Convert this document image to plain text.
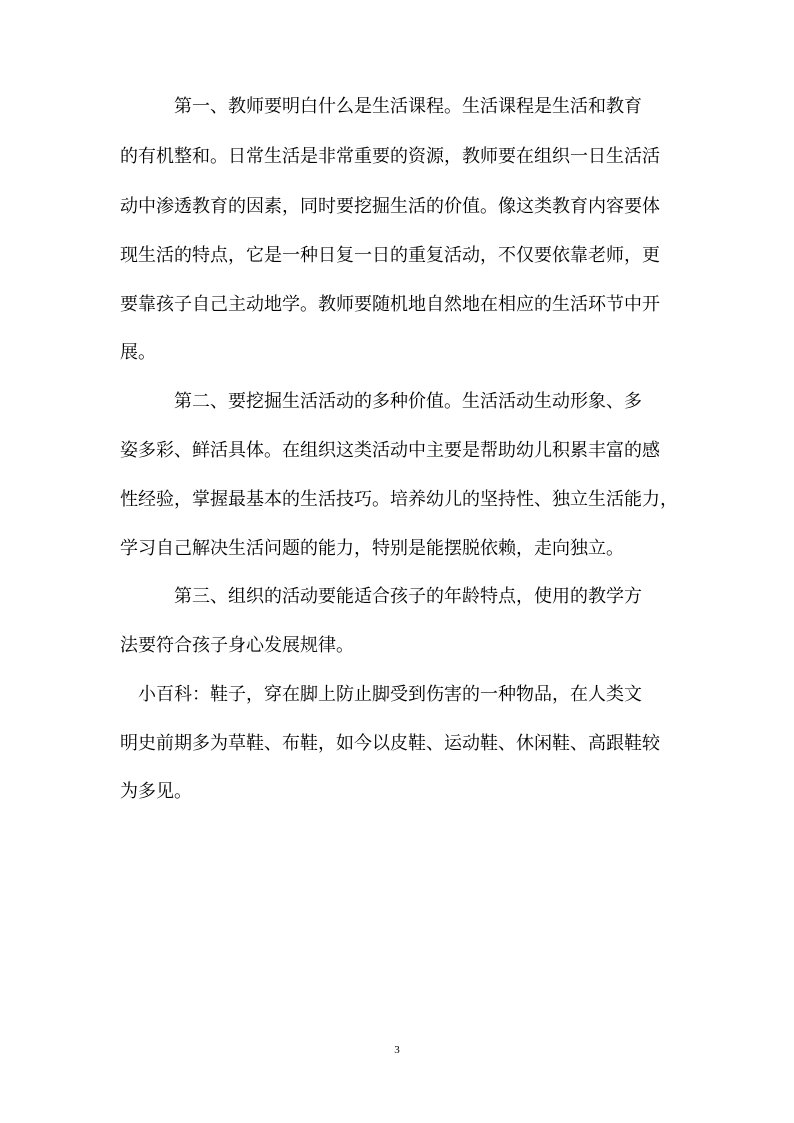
　　　第一、教师要明白什么是生活课程。生活课程是生活和教育
的有机整和。日常生活是非常重要的资源，教师要在组织一日生活活
动中渗透教育的因素，同时要挖掘生活的价值。像这类教育内容要体
现生活的特点，它是一种日复一日的重复活动，不仅要依靠老师，更
要靠孩子自己主动地学。教师要随机地自然地在相应的生活环节中开
展。
　　　第二、要挖掘生活活动的多种价值。生活活动生动形象、多
姿多彩、鲜活具体。在组织这类活动中主要是帮助幼儿积累丰富的感
性经验，掌握最基本的生活技巧。培养幼儿的坚持性、独立生活能力，
学习自己解决生活问题的能力，特别是能摆脱依赖，走向独立。
　　　第三、组织的活动要能适合孩子的年龄特点，使用的教学方
法要符合孩子身心发展规律。
　小百科：鞋子，穿在脚上防止脚受到伤害的一种物品，在人类文
明史前期多为草鞋、布鞋，如今以皮鞋、运动鞋、休闲鞋、高跟鞋较
为多见。
3
